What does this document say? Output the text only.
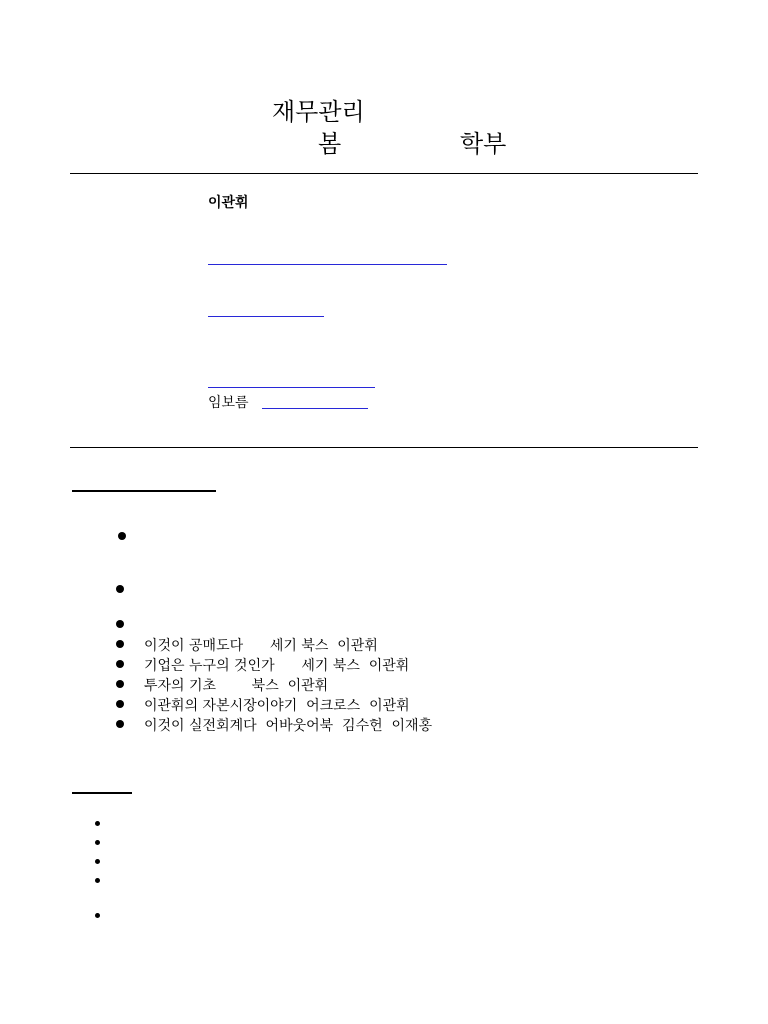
재무관리
봄	학부
이관휘
임보름
이것이 공매도다      세기 북스  이관휘
기업은 누구의 것인가      세기 북스  이관휘
투자의 기초        북스  이관휘
이관휘의 자본시장이야기  어크로스  이관휘
이것이 실전회계다  어바웃어북  김수헌  이재홍
